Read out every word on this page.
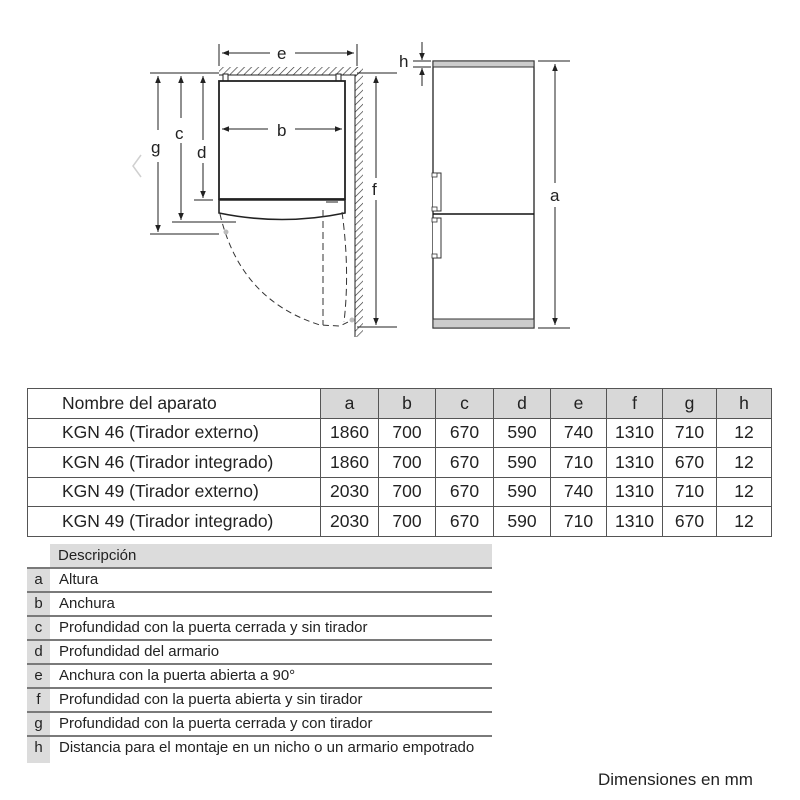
e
b
g
c
d
f
h
a
Nombre del aparato	a	b	c	d	e	f	g	h
KGN 46 (Tirador externo)	1860	700	670	590	740	1310	710	12
KGN 46 (Tirador integrado)	1860	700	670	590	710	1310	670	12
KGN 49 (Tirador externo)	2030	700	670	590	740	1310	710	12
KGN 49 (Tirador integrado)	2030	700	670	590	710	1310	670	12
Descripción
a	Altura
b	Anchura
c	Profundidad con la puerta cerrada y sin tirador
d	Profundidad del armario
e	Anchura con la puerta abierta a 90°
f	Profundidad con la puerta abierta y sin tirador
g	Profundidad con la puerta cerrada y con tirador
h	Distancia para el montaje en un nicho o un armario empotrado
Dimensiones en mm
